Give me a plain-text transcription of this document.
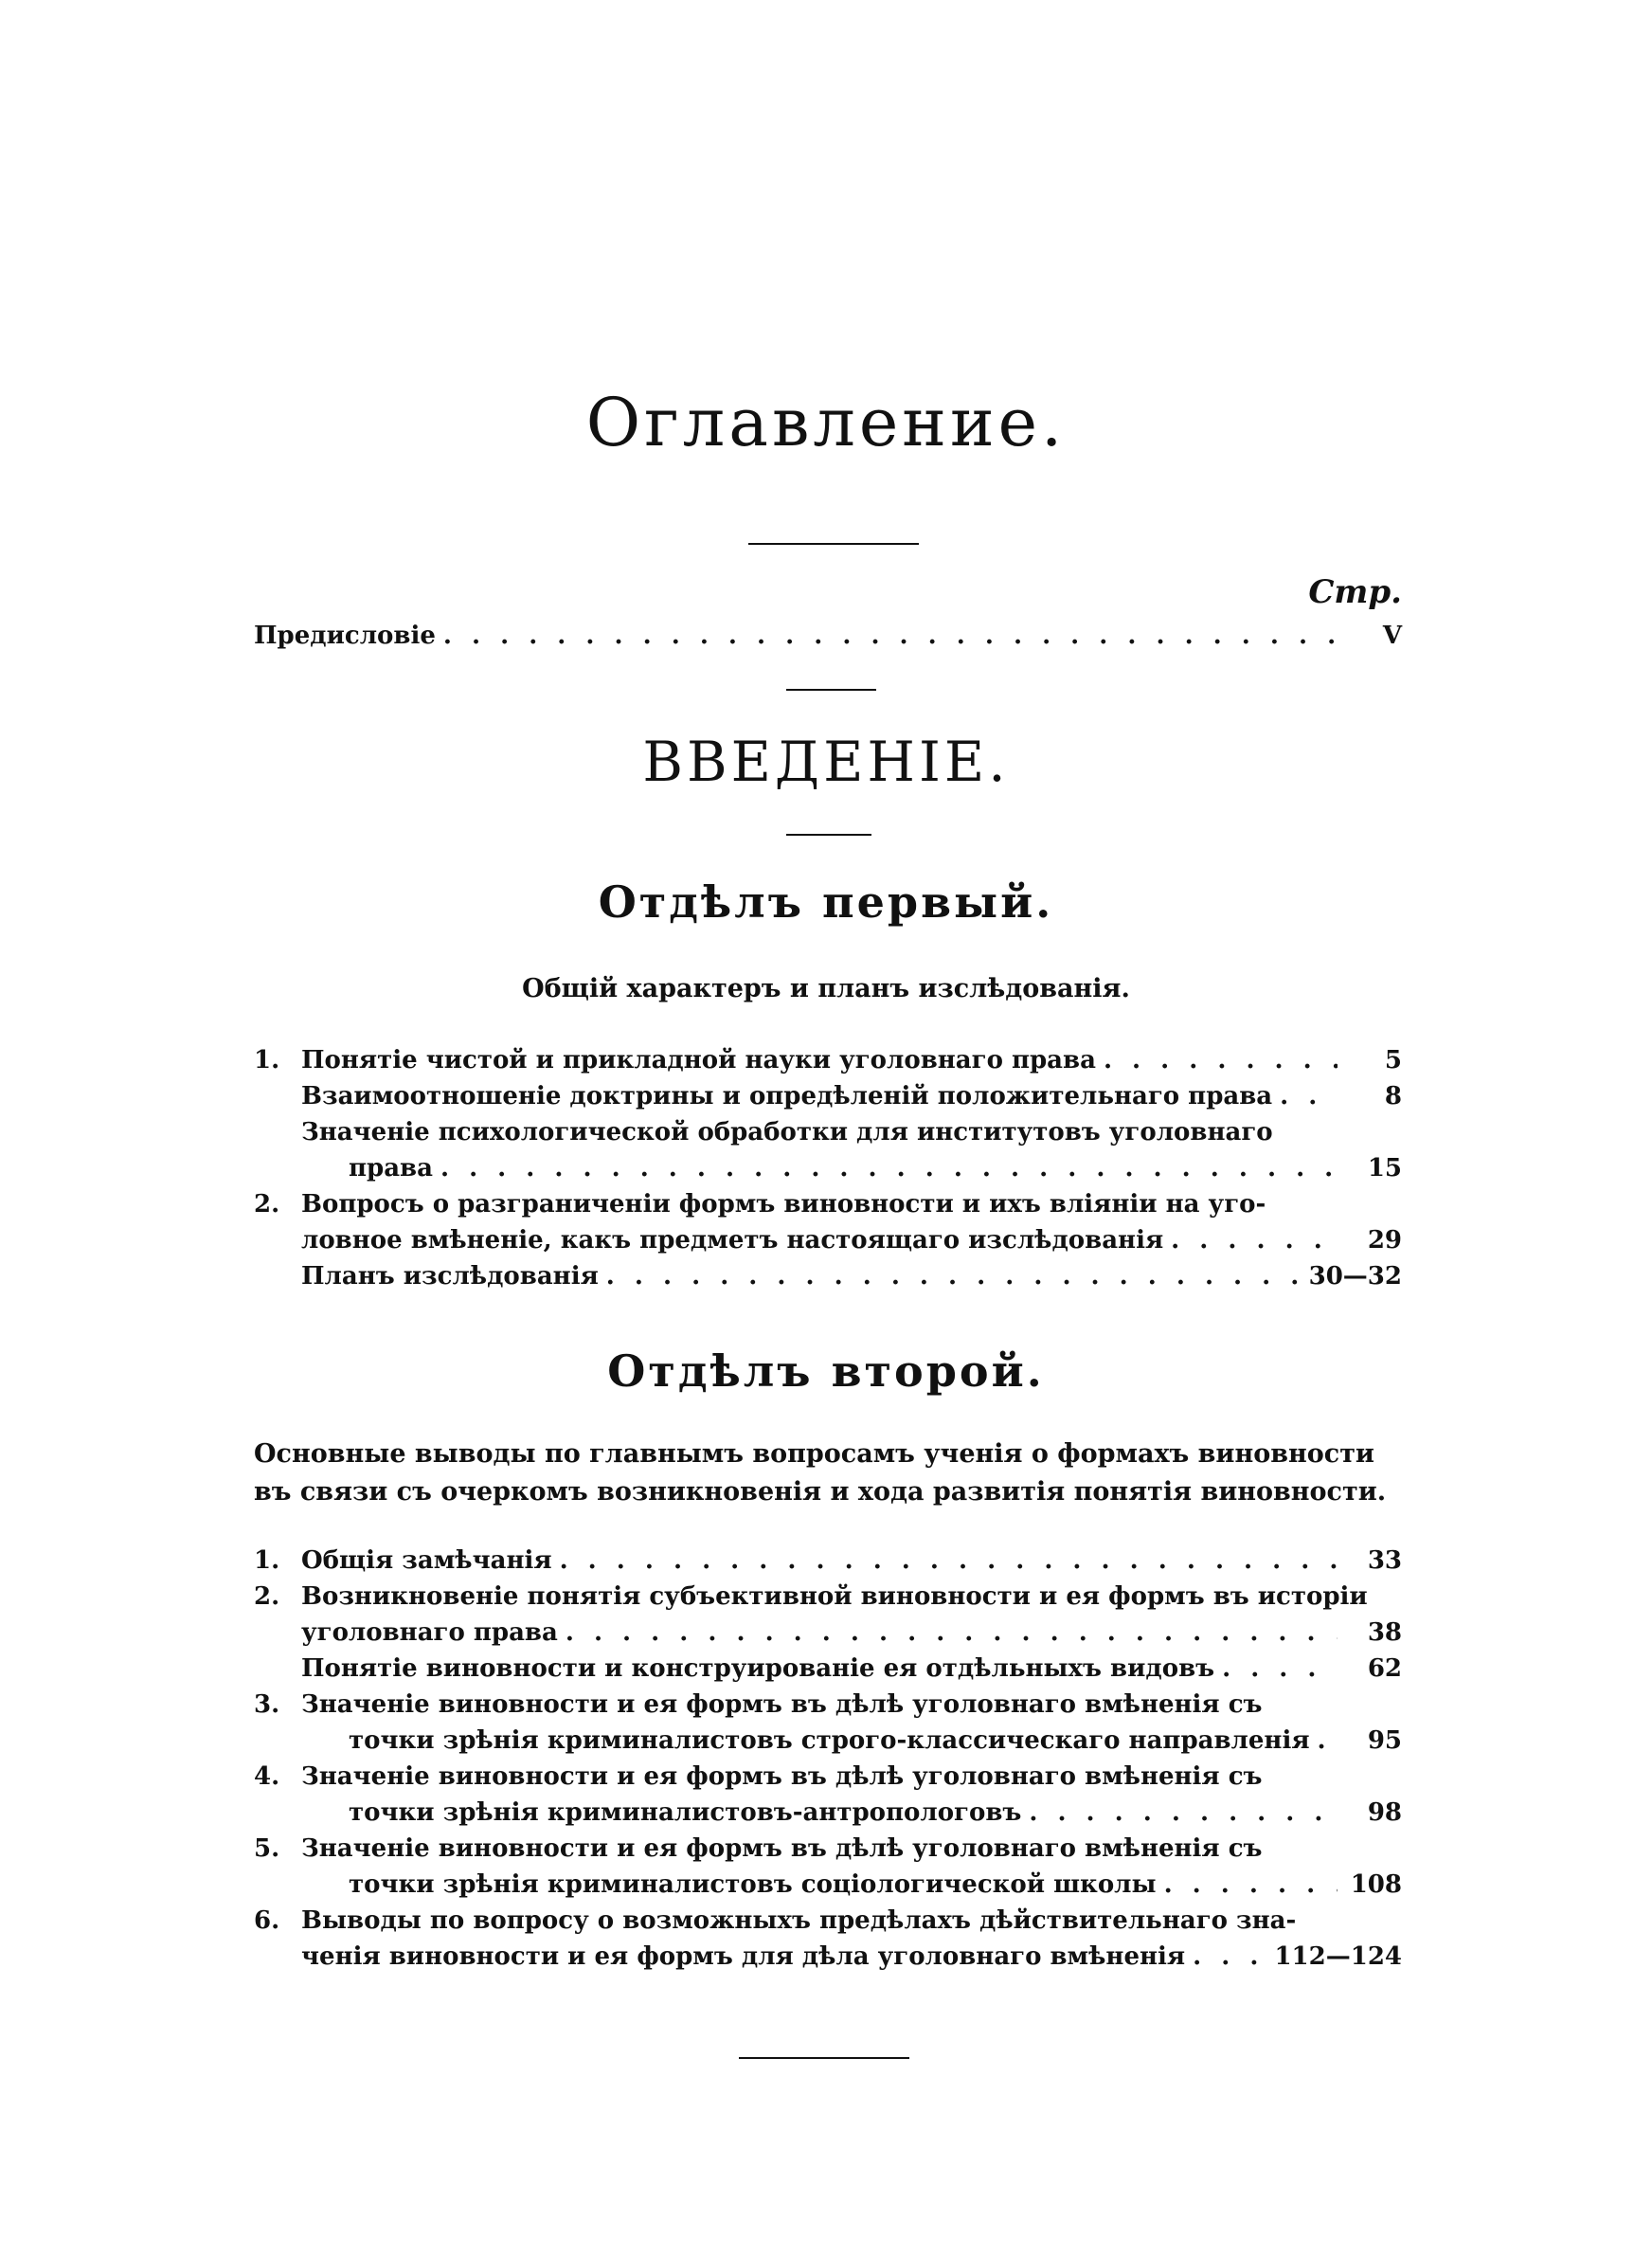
Оглавление.
Стр.
Предисловіе . . .	V
ВВЕДЕНІЕ.
Отдѣлъ первый.
Общій характеръ и планъ изслѣдованія.
1. Понятіе чистой и прикладной науки уголовнаго права . . .	5
Взаимоотношеніе доктрины и опредѣленій положительнаго права . . .	8
Значеніе психологической обработки для институтовъ уголовнаго
права . . .	15
2. Вопросъ о разграниченіи формъ виновности и ихъ вліяніи на уго-
ловное вмѣненіе, какъ предметъ настоящаго изслѣдованія . . .	29
Планъ изслѣдованія . . .	30—32
Отдѣлъ второй.
Основные выводы по главнымъ вопросамъ ученія о формахъ виновности
въ связи съ очеркомъ возникновенія и хода развитія понятія виновности.
1. Общія замѣчанія . . .	33
2. Возникновеніе понятія субъективной виновности и ея формъ въ исторіи
уголовнаго права . . .	38
Понятіе виновности и конструированіе ея отдѣльныхъ видовъ . . .	62
3. Значеніе виновности и ея формъ въ дѣлѣ уголовнаго вмѣненія съ
точки зрѣнія криминалистовъ строго-классическаго направленія . . .	95
4. Значеніе виновности и ея формъ въ дѣлѣ уголовнаго вмѣненія съ
точки зрѣнія криминалистовъ-антропологовъ . . .	98
5. Значеніе виновности и ея формъ въ дѣлѣ уголовнаго вмѣненія съ
точки зрѣнія криминалистовъ соціологической школы . . .	108
6. Выводы по вопросу о возможныхъ предѣлахъ дѣйствительнаго зна-
ченія виновности и ея формъ для дѣла уголовнаго вмѣненія . . .	112—124
